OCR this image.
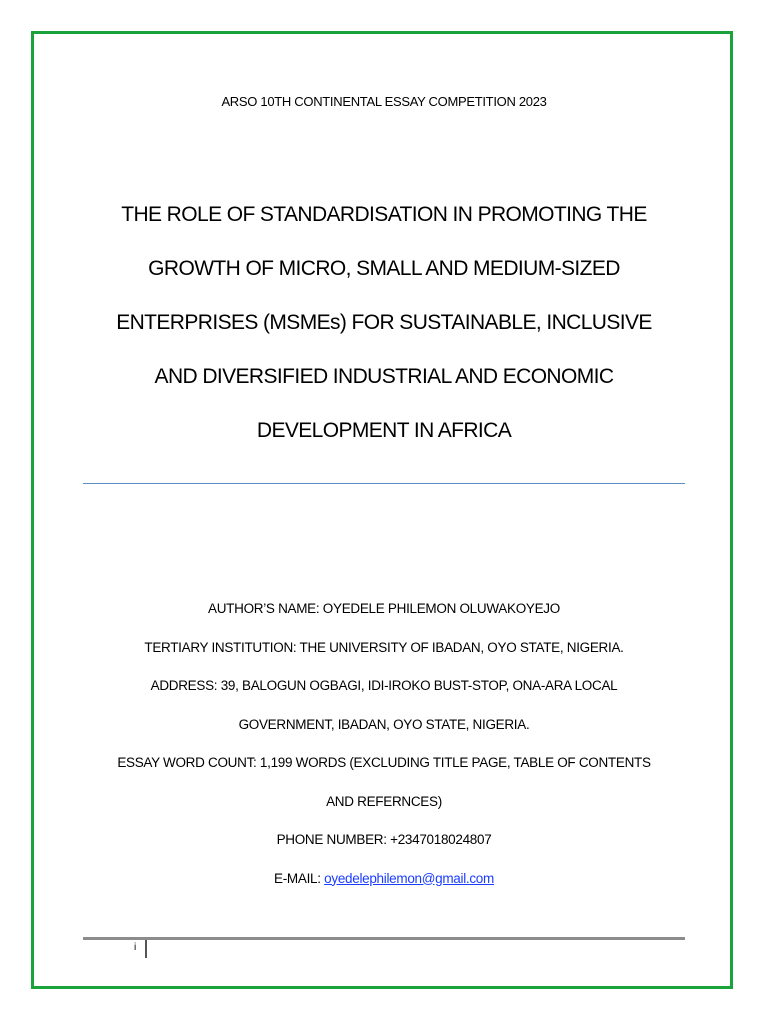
ARSO 10TH CONTINENTAL ESSAY COMPETITION 2023
THE ROLE OF STANDARDISATION IN PROMOTING THE
GROWTH OF MICRO, SMALL AND MEDIUM-SIZED
ENTERPRISES (MSMEs) FOR SUSTAINABLE, INCLUSIVE
AND DIVERSIFIED INDUSTRIAL AND ECONOMIC
DEVELOPMENT IN AFRICA
AUTHOR’S NAME: OYEDELE PHILEMON OLUWAKOYEJO
TERTIARY INSTITUTION: THE UNIVERSITY OF IBADAN, OYO STATE, NIGERIA.
ADDRESS: 39, BALOGUN OGBAGI, IDI-IROKO BUST-STOP, ONA-ARA LOCAL
GOVERNMENT, IBADAN, OYO STATE, NIGERIA.
ESSAY WORD COUNT: 1,199 WORDS (EXCLUDING TITLE PAGE, TABLE OF CONTENTS
AND REFERNCES)
PHONE NUMBER: +2347018024807
E-MAIL: oyedelephilemon@gmail.com
i
